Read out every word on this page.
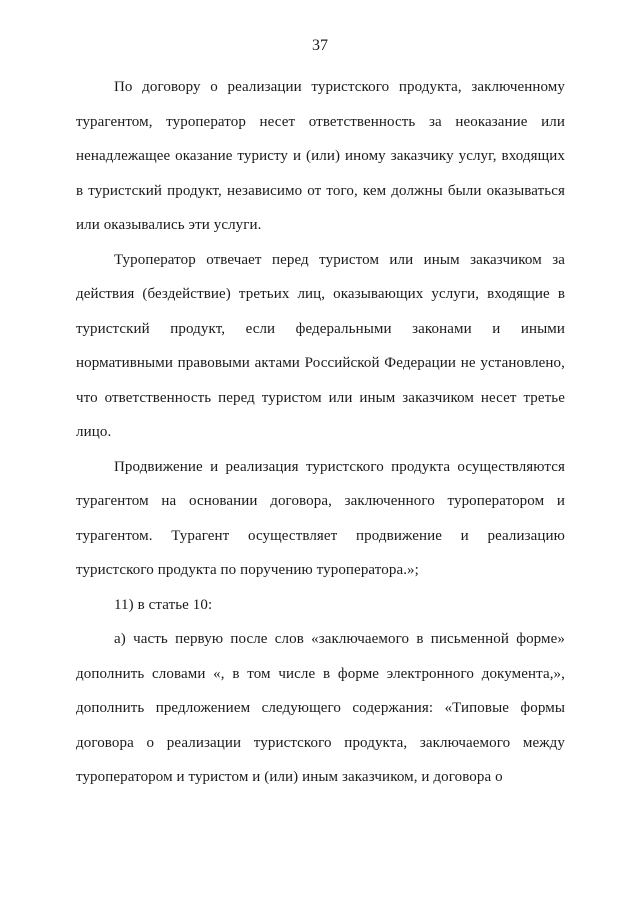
37

По договору о реализации туристского продукта, заключенному турагентом, туроператор несет ответственность за неоказание или ненадлежащее оказание туристу и (или) иному заказчику услуг, входящих в туристский продукт, независимо от того, кем должны были оказываться или оказывались эти услуги.

Туроператор отвечает перед туристом или иным заказчиком за действия (бездействие) третьих лиц, оказывающих услуги, входящие в туристский продукт, если федеральными законами и иными нормативными правовыми актами Российской Федерации не установлено, что ответственность перед туристом или иным заказчиком несет третье лицо.

Продвижение и реализация туристского продукта осуществляются турагентом на основании договора, заключенного туроператором и турагентом. Турагент осуществляет продвижение и реализацию туристского продукта по поручению туроператора.»;

11) в статье 10:

а) часть первую после слов «заключаемого в письменной форме» дополнить словами «, в том числе в форме электронного документа,», дополнить предложением следующего содержания: «Типовые формы договора о реализации туристского продукта, заключаемого между туроператором и туристом и (или) иным заказчиком, и договора о
